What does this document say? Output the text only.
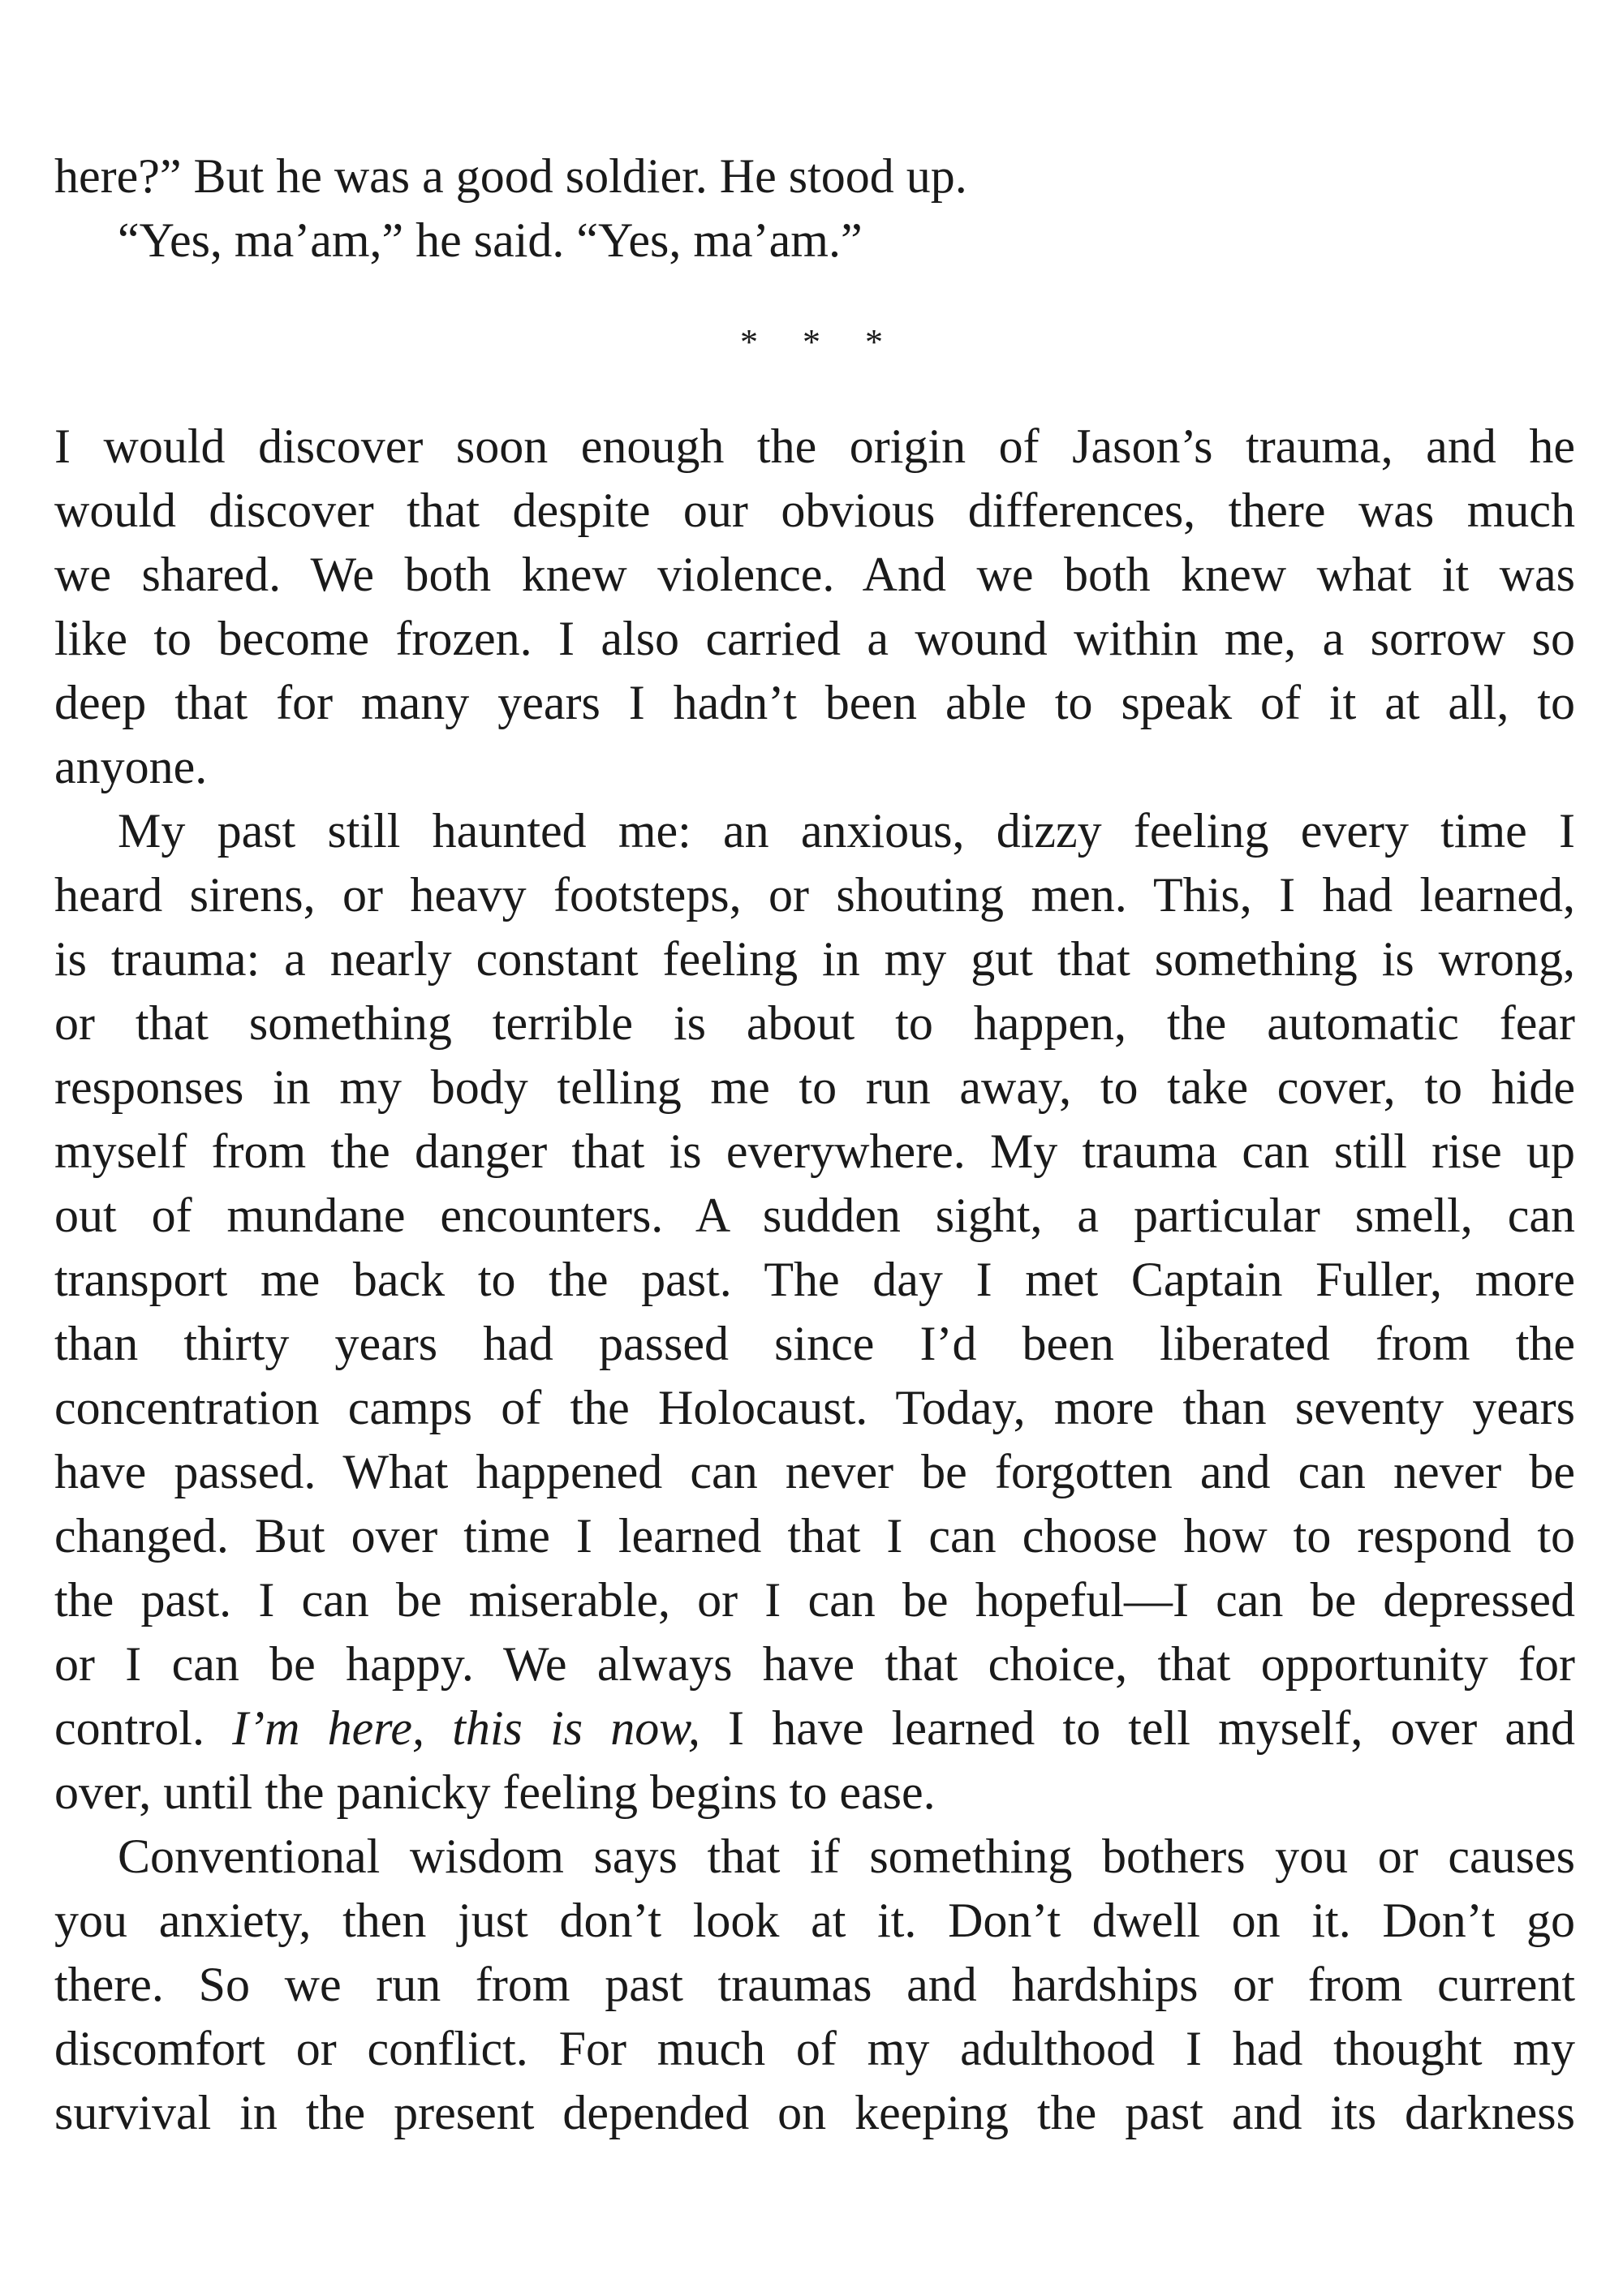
here?” But he was a good soldier. He stood up.
“Yes, ma’am,” he said. “Yes, ma’am.”
* * *
I would discover soon enough the origin of Jason’s trauma, and he
would discover that despite our obvious differences, there was much
we shared. We both knew violence. And we both knew what it was
like to become frozen. I also carried a wound within me, a sorrow so
deep that for many years I hadn’t been able to speak of it at all, to
anyone.
My past still haunted me: an anxious, dizzy feeling every time I
heard sirens, or heavy footsteps, or shouting men. This, I had learned,
is trauma: a nearly constant feeling in my gut that something is wrong,
or that something terrible is about to happen, the automatic fear
responses in my body telling me to run away, to take cover, to hide
myself from the danger that is everywhere. My trauma can still rise up
out of mundane encounters. A sudden sight, a particular smell, can
transport me back to the past. The day I met Captain Fuller, more
than thirty years had passed since I’d been liberated from the
concentration camps of the Holocaust. Today, more than seventy years
have passed. What happened can never be forgotten and can never be
changed. But over time I learned that I can choose how to respond to
the past. I can be miserable, or I can be hopeful—I can be depressed
or I can be happy. We always have that choice, that opportunity for
control. I’m here, this is now, I have learned to tell myself, over and
over, until the panicky feeling begins to ease.
Conventional wisdom says that if something bothers you or causes
you anxiety, then just don’t look at it. Don’t dwell on it. Don’t go
there. So we run from past traumas and hardships or from current
discomfort or conflict. For much of my adulthood I had thought my
survival in the present depended on keeping the past and its darkness
